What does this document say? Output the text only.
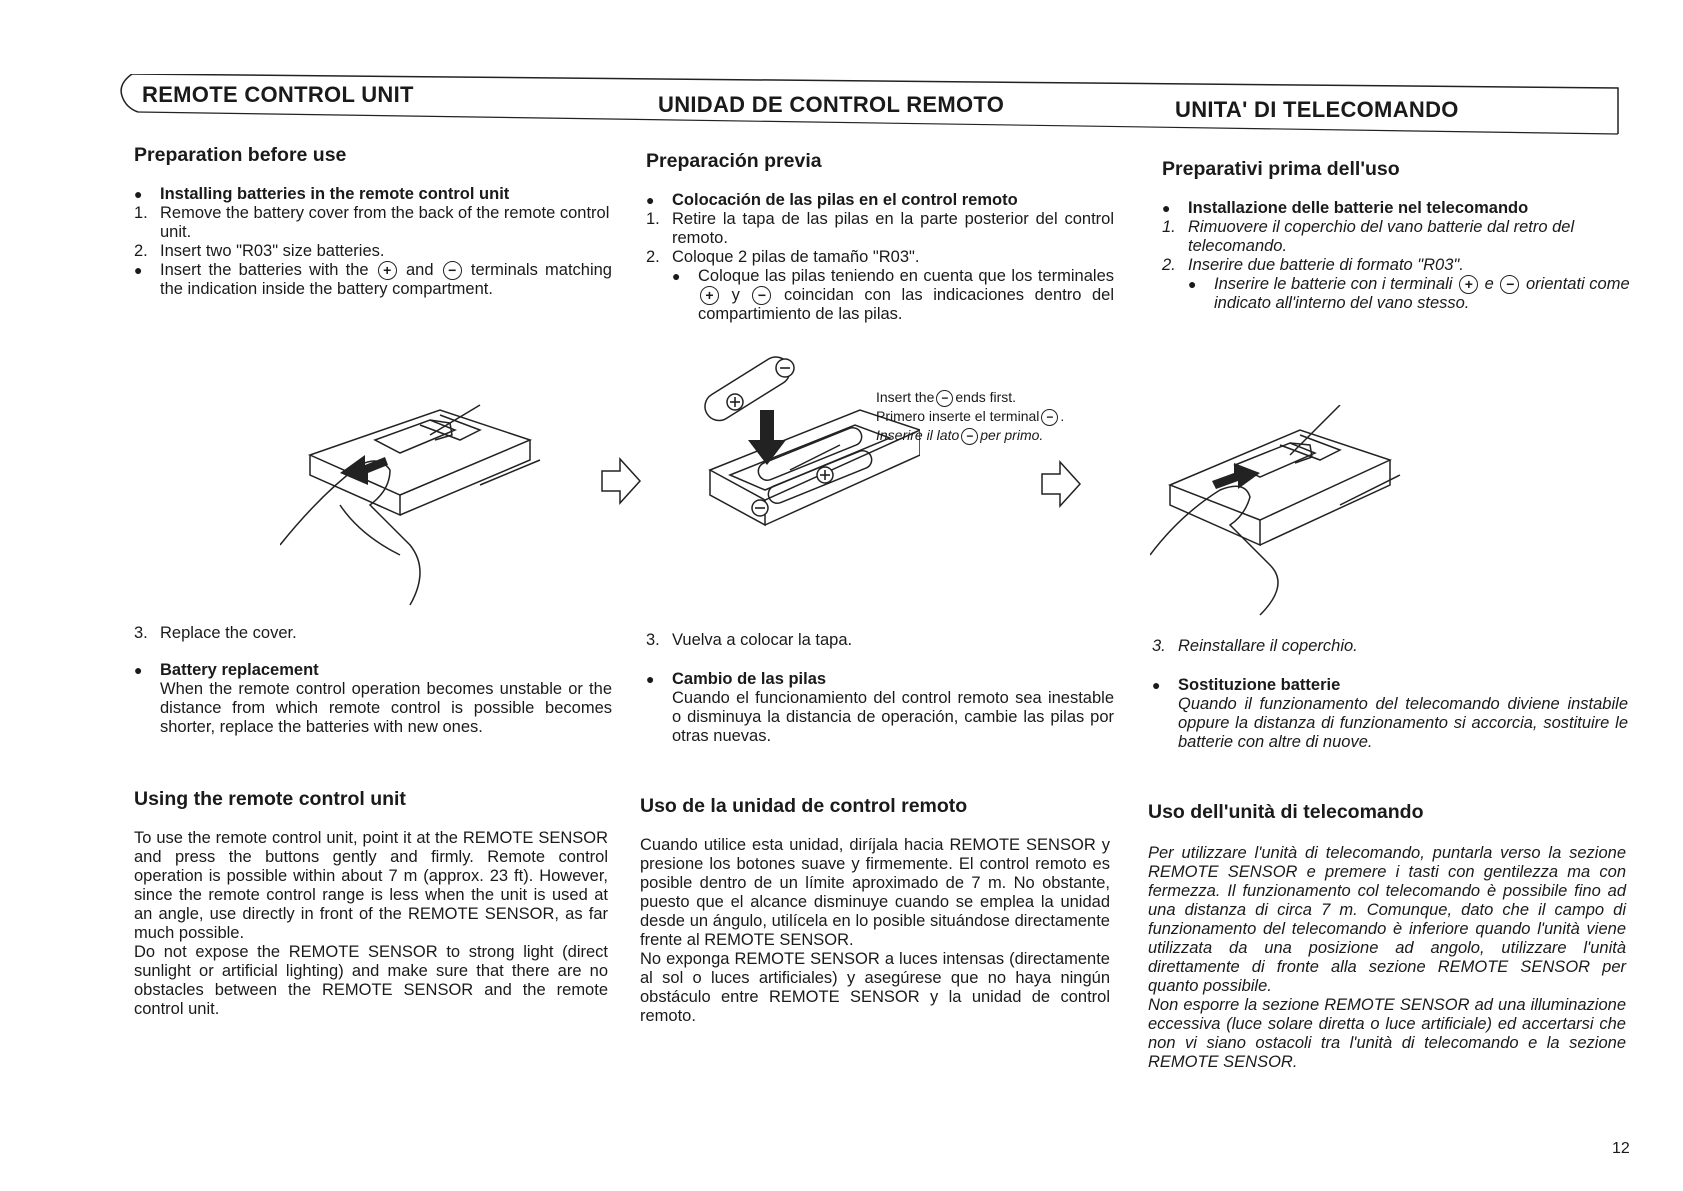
REMOTE CONTROL UNIT	UNIDAD DE CONTROL REMOTO	UNITA' DI TELECOMANDO

Preparation before use

●	Installing batteries in the remote control unit
1. Remove the battery cover from the back of the remote control unit.
2. Insert two "R03" size batteries.
●	Insert the batteries with the + and − terminals matching the indication inside the battery compartment.
3. Replace the cover.
●	Battery replacement

When the remote control operation becomes unstable or the distance from which remote control is possible becomes shorter, replace the batteries with new ones.

Using the remote control unit

To use the remote control unit, point it at the REMOTE SENSOR and press the buttons gently and firmly. Remote control operation is possible within about 7 m (approx. 23 ft). However, since the remote control range is less when the unit is used at an angle, use directly in front of the REMOTE SENSOR, as far much possible.

Do not expose the REMOTE SENSOR to strong light (direct sunlight or artificial lighting) and make sure that there are no obstacles between the REMOTE SENSOR and the remote control unit.

Preparación previa

●	Colocación de las pilas en el control remoto
1. Retire la tapa de las pilas en la parte posterior del control remoto.
2. Coloque 2 pilas de tamaño "R03".
●	Coloque las pilas teniendo en cuenta que los terminales + y − coincidan con las indicaciones dentro del compartimiento de las pilas.
3. Vuelva a colocar la tapa.
●	Cambio de las pilas

Cuando el funcionamiento del control remoto sea inestable o disminuya la distancia de operación, cambie las pilas por otras nuevas.

Uso de la unidad de control remoto

Cuando utilice esta unidad, diríjala hacia REMOTE SENSOR y presione los botones suave y firmemente. El control remoto es posible dentro de un límite aproximado de 7 m. No obstante, puesto que el alcance disminuye cuando se emplea la unidad desde un ángulo, utilícela en lo posible situándose directamente frente al REMOTE SENSOR.

No exponga REMOTE SENSOR a luces intensas (directamente al sol o luces artificiales) y asegúrese que no haya ningún obstáculo entre REMOTE SENSOR y la unidad de control remoto.

Preparativi prima dell'uso

●	Installazione delle batterie nel telecomando
1. Rimuovere il coperchio del vano batterie dal retro del telecomando.
2. Inserire due batterie di formato "R03".
●	Inserire le batterie con i terminali + e − orientati come indicato all'interno del vano stesso.
3. Reinstallare il coperchio.
●	Sostituzione batterie

Quando il funzionamento del telecomando diviene instabile oppure la distanza di funzionamento si accorcia, sostituire le batterie con altre di nuove.

Uso dell'unità di telecomando

Per utilizzare l'unità di telecomando, puntarla verso la sezione REMOTE SENSOR e premere i tasti con gentilezza ma con fermezza. Il funzionamento col telecomando è possibile fino ad una distanza di circa 7 m. Comunque, dato che il campo di funzionamento del telecomando è inferiore quando l'unità viene utilizzata da una posizione ad angolo, utilizzare l'unità direttamente di fronte alla sezione REMOTE SENSOR per quanto possibile.

Non esporre la sezione REMOTE SENSOR ad una illuminazione eccessiva (luce solare diretta o luce artificiale) ed accertarsi che non vi siano ostacoli tra l'unità di telecomando e la sezione REMOTE SENSOR.

Insert the − ends first.
Primero inserte el terminal − .
Inserire il lato − per primo.
12
